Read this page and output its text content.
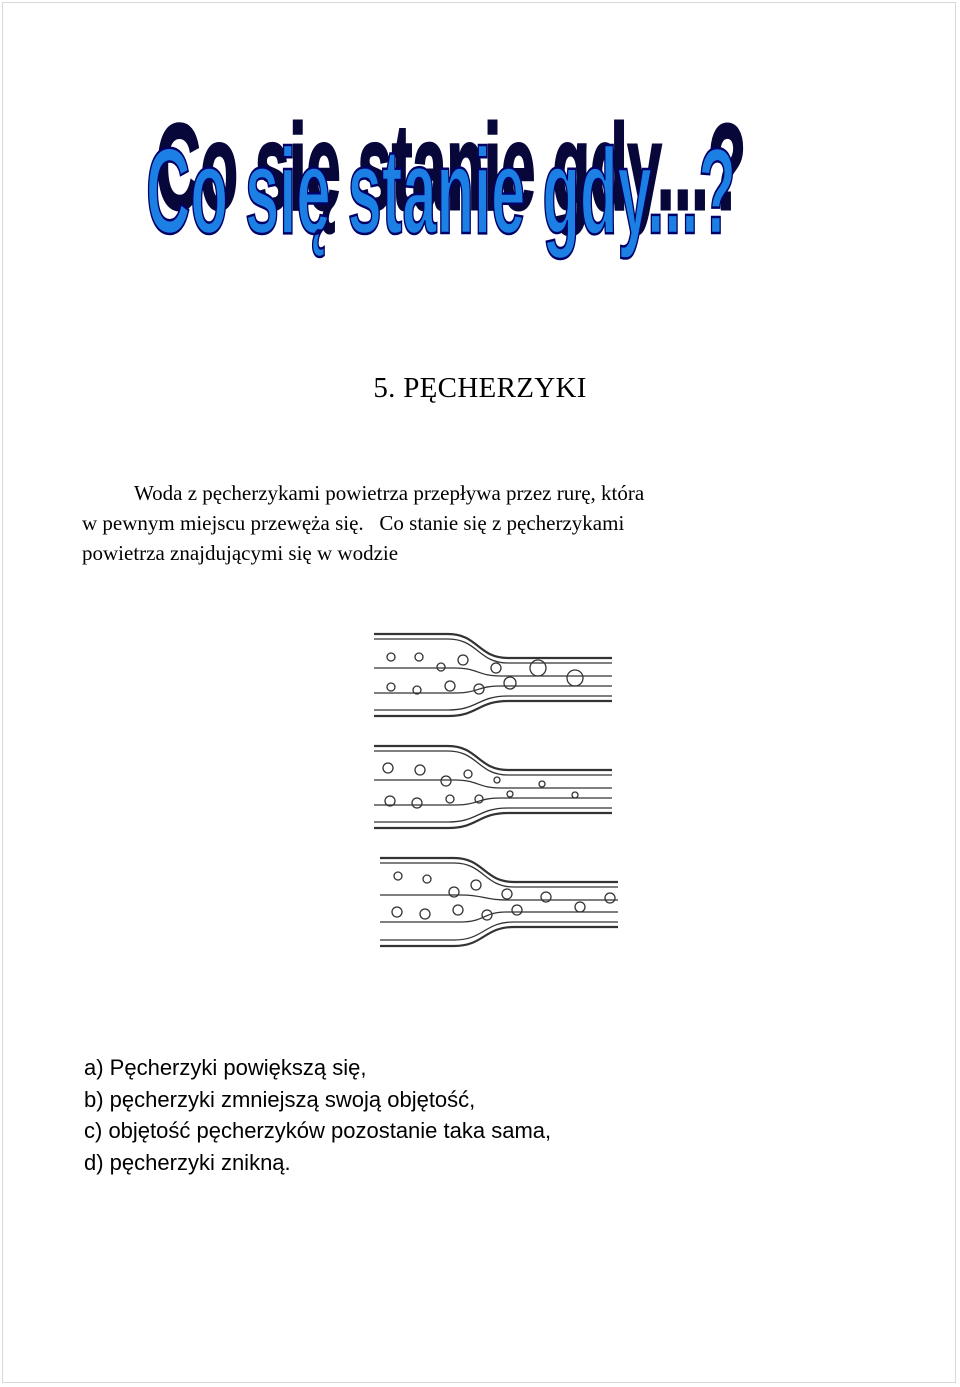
Co się stanie gdy...?
Co się stanie gdy...?
5. PĘCHERZYKI
Woda z pęcherzykami powietrza przepływa przez rurę, która
w pewnym miejscu przewęża się.   Co stanie się z pęcherzykami
powietrza znajdującymi się w wodzie
a) Pęcherzyki powiększą się,
b) pęcherzyki zmniejszą swoją objętość,
c) objętość pęcherzyków pozostanie taka sama,
d) pęcherzyki znikną.
